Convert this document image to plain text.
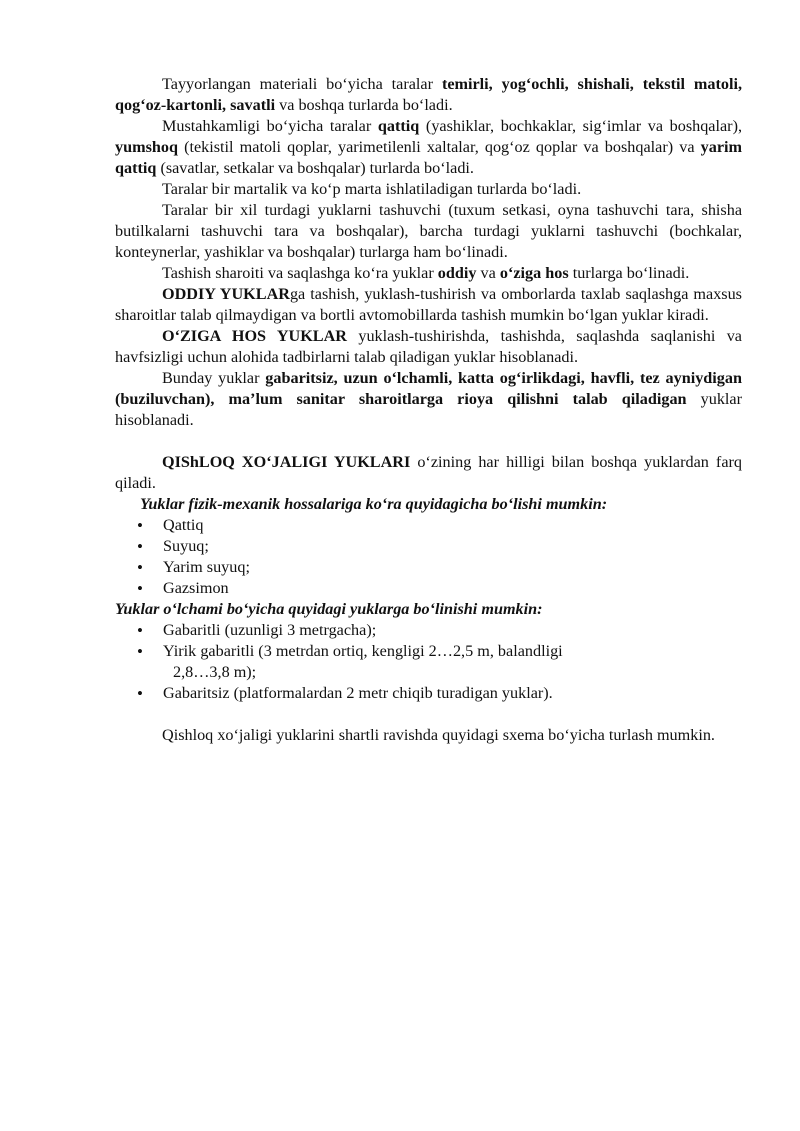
Tayyorlangan materiali bo‘yicha taralar temirli, yog‘ochli, shishali, tekstil matoli, qog‘oz-kartonli, savatli va boshqa turlarda bo‘ladi.

Mustahkamligi bo‘yicha taralar qattiq (yashiklar, bochkaklar, sig‘imlar va boshqalar), yumshoq (tekistil matoli qoplar, yarimetilenli xaltalar, qog‘oz qoplar va boshqalar) va yarim qattiq (savatlar, setkalar va boshqalar) turlarda bo‘ladi.

Taralar bir martalik va ko‘p marta ishlatiladigan turlarda bo‘ladi.

Taralar bir xil turdagi yuklarni tashuvchi (tuxum setkasi, oyna tashuvchi tara, shisha butilkalarni tashuvchi tara va boshqalar), barcha turdagi yuklarni tashuvchi (bochkalar, konteynerlar, yashiklar va boshqalar) turlarga ham bo‘linadi.

Tashish sharoiti va saqlashga ko‘ra yuklar oddiy va o‘ziga hos turlarga bo‘linadi.

ODDIY YUKLARga tashish, yuklash-tushirish va omborlarda taxlab saqlashga maxsus sharoitlar talab qilmaydigan va bortli avtomobillarda tashish mumkin bo‘lgan yuklar kiradi.

O‘ZIGA HOS YUKLAR yuklash-tushirishda, tashishda, saqlashda saqlanishi va havfsizligi uchun alohida tadbirlarni talab qiladigan yuklar hisoblanadi.

Bunday yuklar gabaritsiz, uzun o‘lchamli, katta og‘irlikdagi, havfli, tez ayniydigan (buziluvchan), ma’lum sanitar sharoitlarga rioya qilishni talab qiladigan yuklar hisoblanadi.

QIShLOQ XO‘JALIGI YUKLARI o‘zining har hilligi bilan boshqa yuklardan farq qiladi.

Yuklar fizik-mexanik hossalariga ko‘ra quyidagicha bo‘lishi mumkin:

• Qattiq
• Suyuq;
• Yarim suyuq;
• Gazsimon

Yuklar o‘lchami bo‘yicha quyidagi yuklarga bo‘linishi mumkin:

• Gabaritli (uzunligi 3 metrgacha);
• Yirik gabaritli (3 metrdan ortiq, kengligi 2…2,5 m, balandligi
2,8…3,8 m);
• Gabaritsiz (platformalardan 2 metr chiqib turadigan yuklar).

Qishloq xo‘jaligi yuklarini shartli ravishda quyidagi sxema bo‘yicha turlash mumkin.
